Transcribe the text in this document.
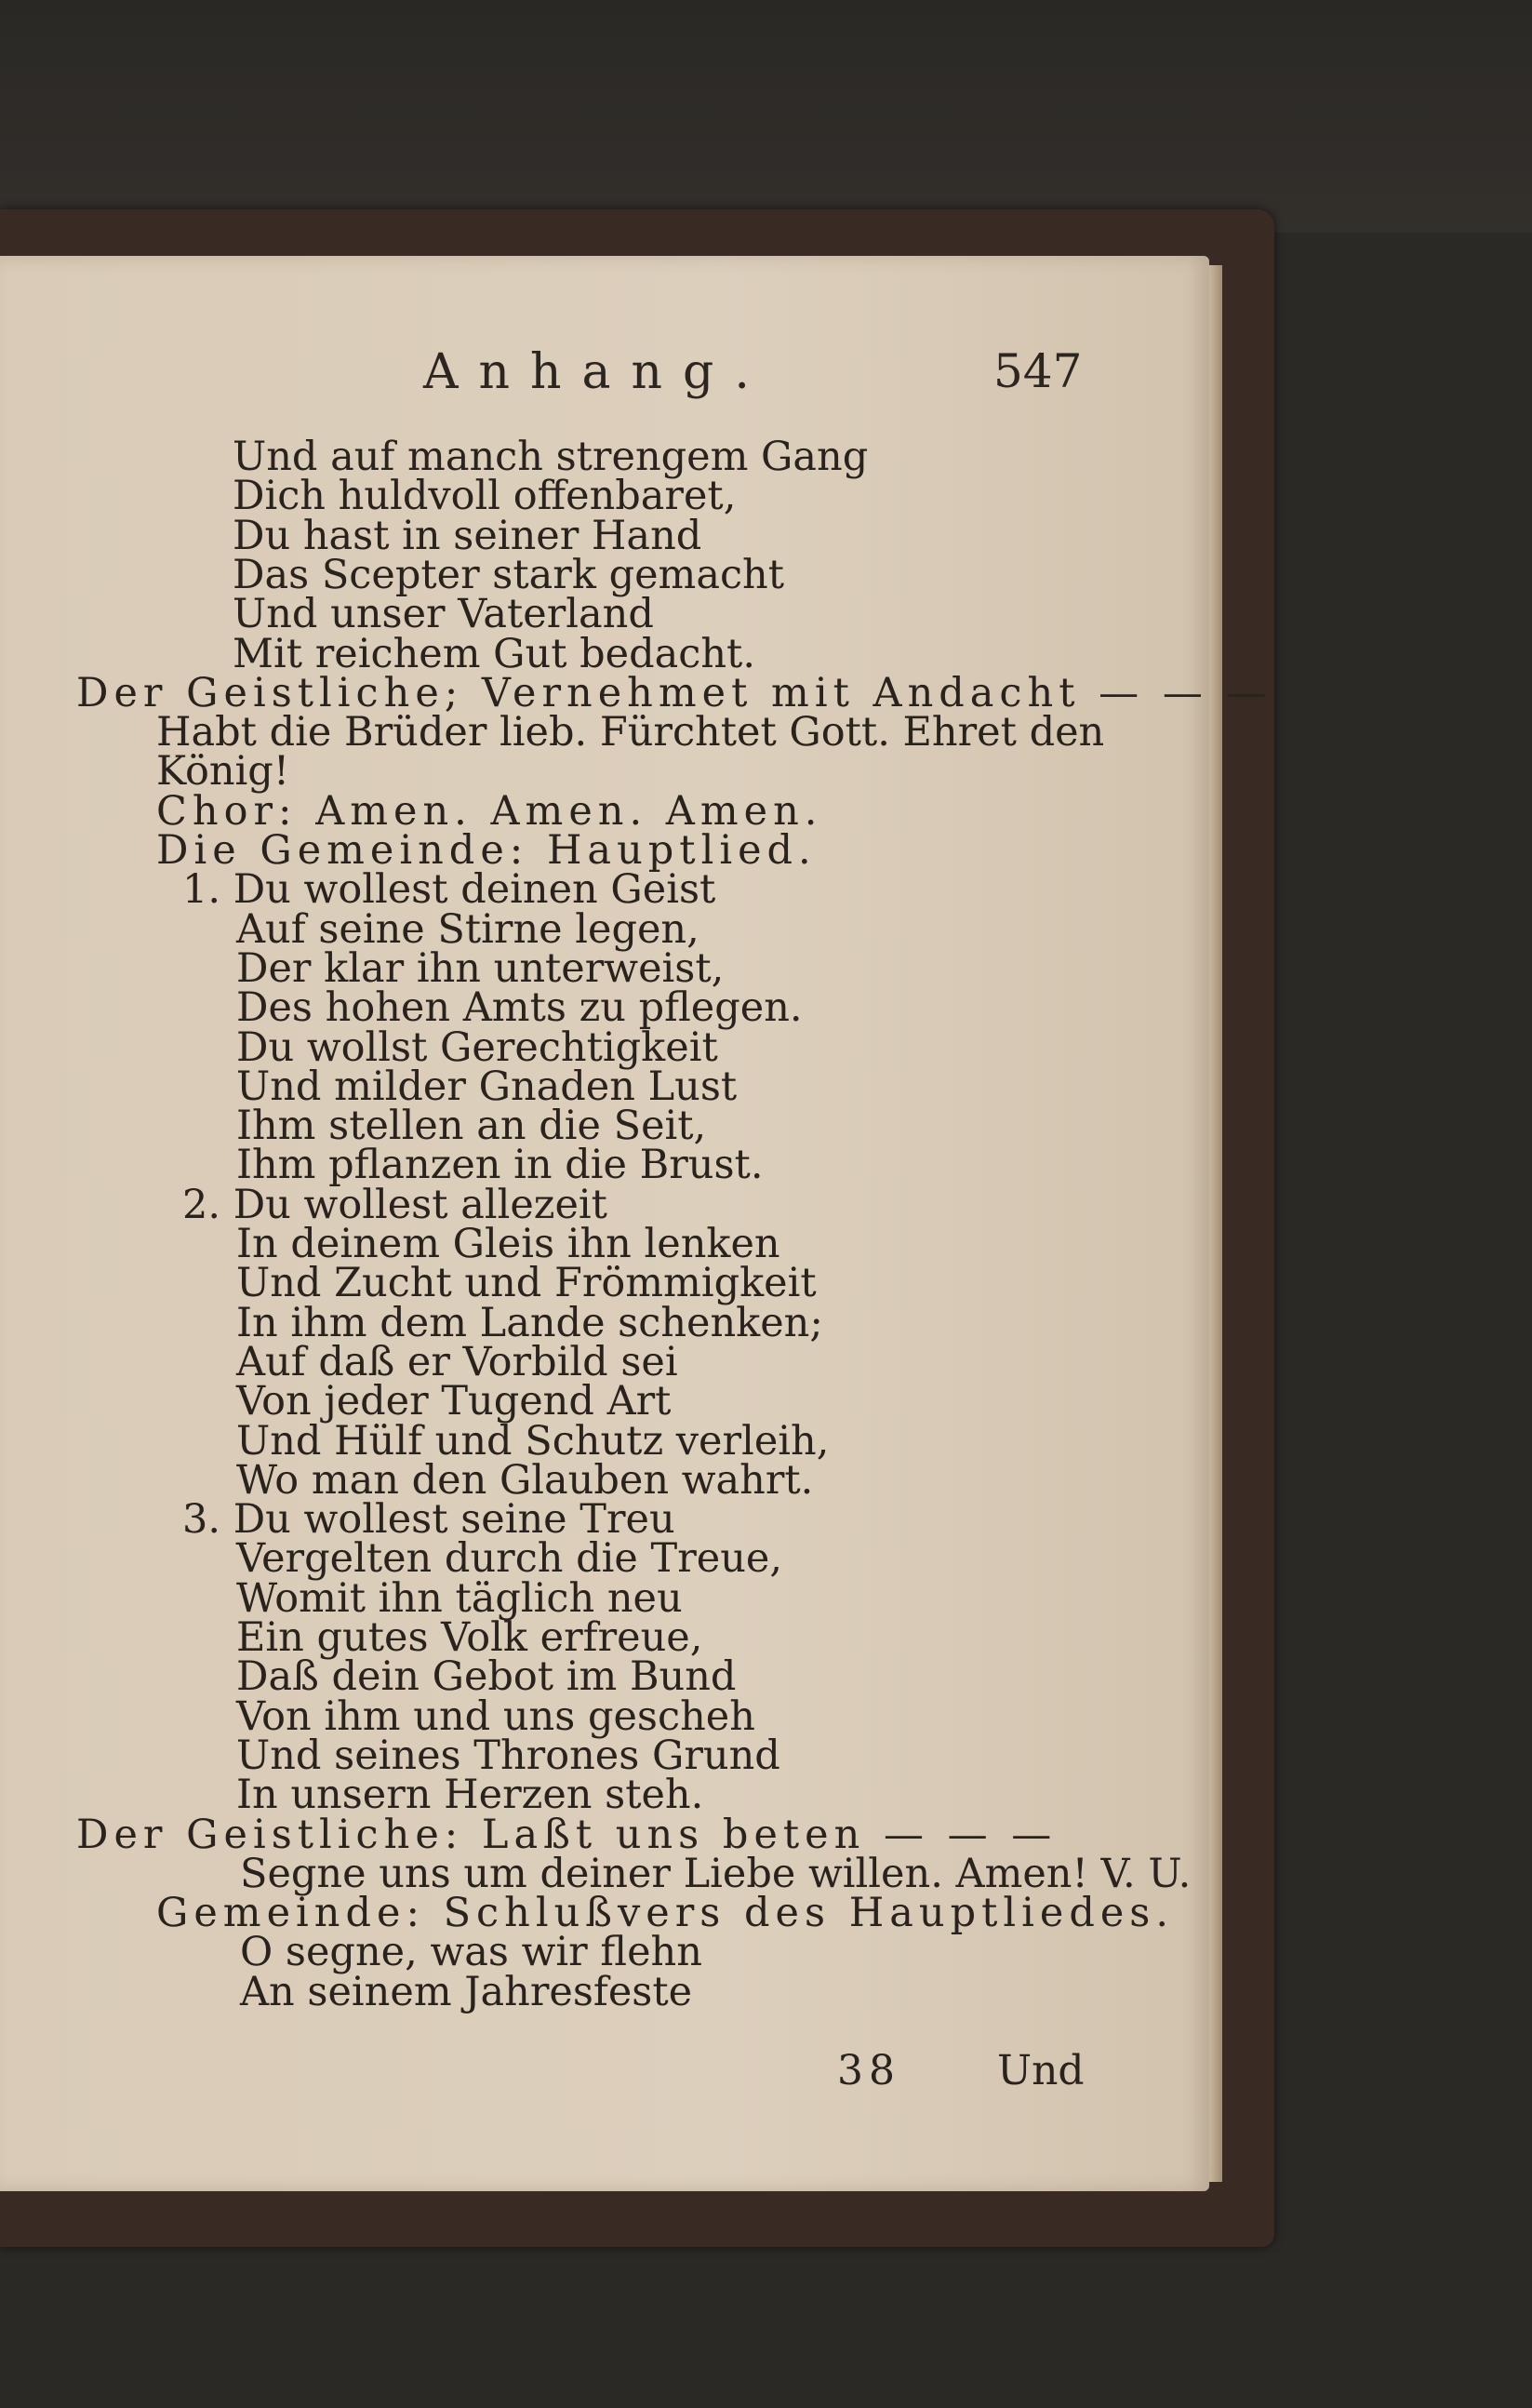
Anhang.	547
Und auf manch strengem Gang
Dich huldvoll offenbaret,
Du hast in seiner Hand
Das Scepter stark gemacht
Und unser Vaterland
Mit reichem Gut bedacht.
Der Geistliche; Vernehmet mit Andacht — — —
Habt die Brüder lieb. Fürchtet Gott. Ehret den
König!
Chor: Amen. Amen. Amen.
Die Gemeinde: Hauptlied.
1. Du wollest deinen Geist
Auf seine Stirne legen,
Der klar ihn unterweist,
Des hohen Amts zu pflegen.
Du wollst Gerechtigkeit
Und milder Gnaden Lust
Ihm stellen an die Seit,
Ihm pflanzen in die Brust.
2. Du wollest allezeit
In deinem Gleis ihn lenken
Und Zucht und Frömmigkeit
In ihm dem Lande schenken;
Auf daß er Vorbild sei
Von jeder Tugend Art
Und Hülf und Schutz verleih,
Wo man den Glauben wahrt.
3. Du wollest seine Treu
Vergelten durch die Treue,
Womit ihn täglich neu
Ein gutes Volk erfreue,
Daß dein Gebot im Bund
Von ihm und uns gescheh
Und seines Thrones Grund
In unsern Herzen steh.
Der Geistliche: Laßt uns beten — — —
Segne uns um deiner Liebe willen. Amen! V. U.
Gemeinde: Schlußvers des Hauptliedes.
O segne, was wir flehn
An seinem Jahresfeste
38 Und
